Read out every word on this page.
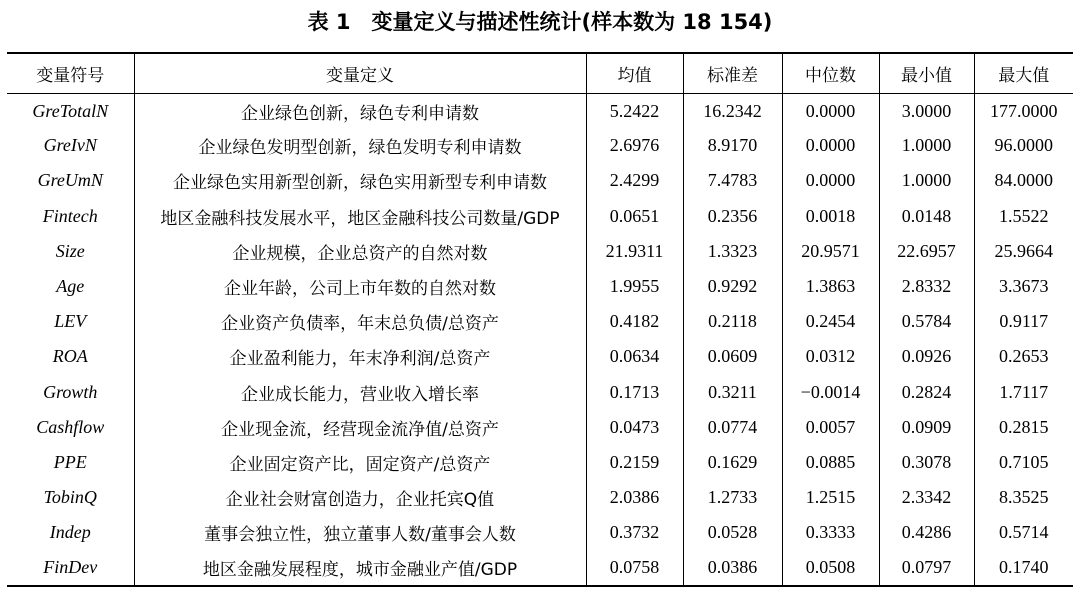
表 1　变量定义与描述性统计(样本数为 18 154)
变量符号	变量定义	均值	标准差	中位数	最小值	最大值
GreTotalN	企业绿色创新，绿色专利申请数	5.2422	16.2342	0.0000	3.0000	177.0000
GreIvN	企业绿色发明型创新，绿色发明专利申请数	2.6976	8.9170	0.0000	1.0000	96.0000
GreUmN	企业绿色实用新型创新，绿色实用新型专利申请数	2.4299	7.4783	0.0000	1.0000	84.0000
Fintech	地区金融科技发展水平，地区金融科技公司数量/GDP	0.0651	0.2356	0.0018	0.0148	1.5522
Size	企业规模，企业总资产的自然对数	21.9311	1.3323	20.9571	22.6957	25.9664
Age	企业年龄，公司上市年数的自然对数	1.9955	0.9292	1.3863	2.8332	3.3673
LEV	企业资产负债率，年末总负债/总资产	0.4182	0.2118	0.2454	0.5784	0.9117
ROA	企业盈利能力，年末净利润/总资产	0.0634	0.0609	0.0312	0.0926	0.2653
Growth	企业成长能力，营业收入增长率	0.1713	0.3211	−0.0014	0.2824	1.7117
Cashflow	企业现金流，经营现金流净值/总资产	0.0473	0.0774	0.0057	0.0909	0.2815
PPE	企业固定资产比，固定资产/总资产	0.2159	0.1629	0.0885	0.3078	0.7105
TobinQ	企业社会财富创造力，企业托宾Q值	2.0386	1.2733	1.2515	2.3342	8.3525
Indep	董事会独立性，独立董事人数/董事会人数	0.3732	0.0528	0.3333	0.4286	0.5714
FinDev	地区金融发展程度，城市金融业产值/GDP	0.0758	0.0386	0.0508	0.0797	0.1740
